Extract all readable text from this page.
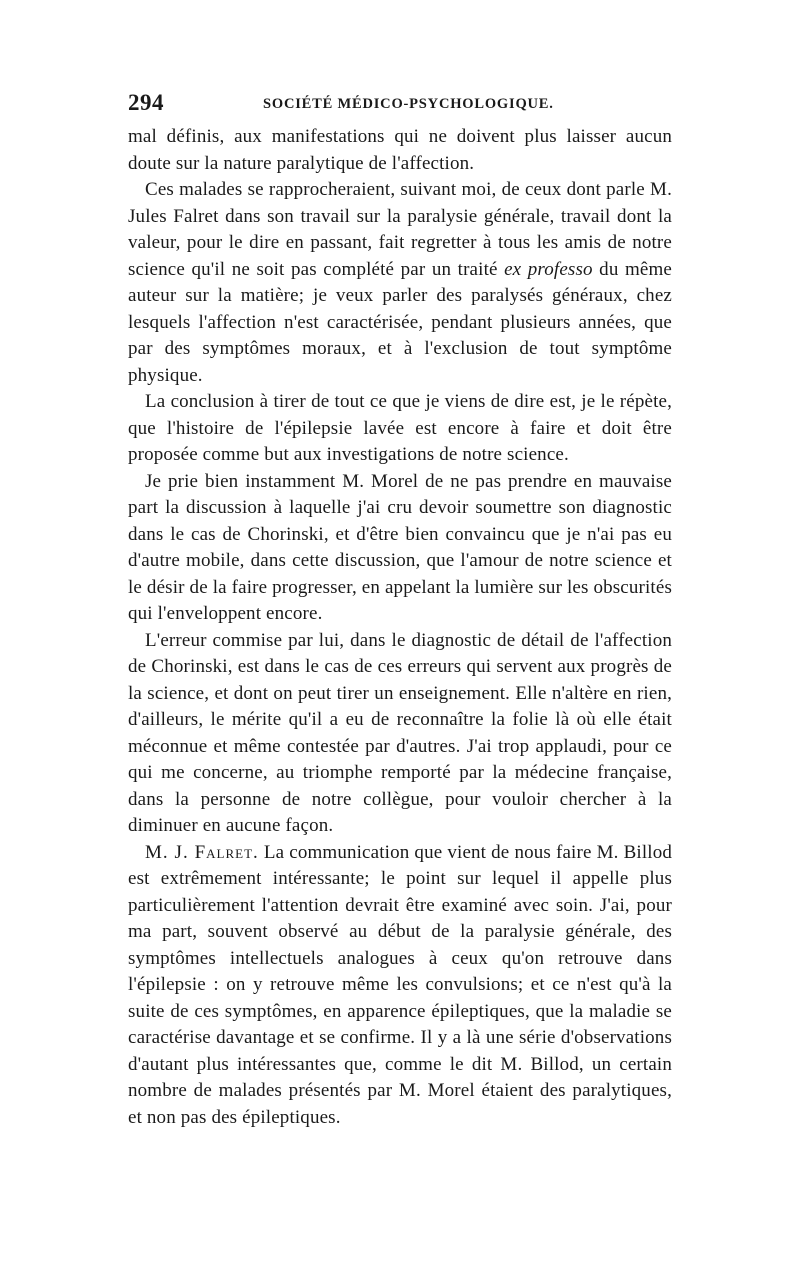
294	SOCIÉTÉ MÉDICO-PSYCHOLOGIQUE.

mal définis, aux manifestations qui ne doivent plus laisser aucun doute sur la nature paralytique de l'affection.

Ces malades se rapprocheraient, suivant moi, de ceux dont parle M. Jules Falret dans son travail sur la paralysie générale, travail dont la valeur, pour le dire en passant, fait regretter à tous les amis de notre science qu'il ne soit pas complété par un traité ex professo du même auteur sur la matière; je veux parler des paralysés généraux, chez lesquels l'affection n'est caractérisée, pendant plusieurs années, que par des symptômes moraux, et à l'exclusion de tout symptôme physique.

La conclusion à tirer de tout ce que je viens de dire est, je le répète, que l'histoire de l'épilepsie lavée est encore à faire et doit être proposée comme but aux investigations de notre science.

Je prie bien instamment M. Morel de ne pas prendre en mauvaise part la discussion à laquelle j'ai cru devoir soumettre son diagnostic dans le cas de Chorinski, et d'être bien convaincu que je n'ai pas eu d'autre mobile, dans cette discussion, que l'amour de notre science et le désir de la faire progresser, en appelant la lumière sur les obscurités qui l'enveloppent encore.

L'erreur commise par lui, dans le diagnostic de détail de l'affection de Chorinski, est dans le cas de ces erreurs qui servent aux progrès de la science, et dont on peut tirer un enseignement. Elle n'altère en rien, d'ailleurs, le mérite qu'il a eu de reconnaître la folie là où elle était méconnue et même contestée par d'autres. J'ai trop applaudi, pour ce qui me concerne, au triomphe remporté par la médecine française, dans la personne de notre collègue, pour vouloir chercher à la diminuer en aucune façon.

M. J. Falret. La communication que vient de nous faire M. Billod est extrêmement intéressante; le point sur lequel il appelle plus particulièrement l'attention devrait être examiné avec soin. J'ai, pour ma part, souvent observé au début de la paralysie générale, des symptômes intellectuels analogues à ceux qu'on retrouve dans l'épilepsie : on y retrouve même les convulsions; et ce n'est qu'à la suite de ces symptômes, en apparence épileptiques, que la maladie se caractérise davantage et se confirme. Il y a là une série d'observations d'autant plus intéressantes que, comme le dit M. Billod, un certain nombre de malades présentés par M. Morel étaient des paralytiques, et non pas des épileptiques.
